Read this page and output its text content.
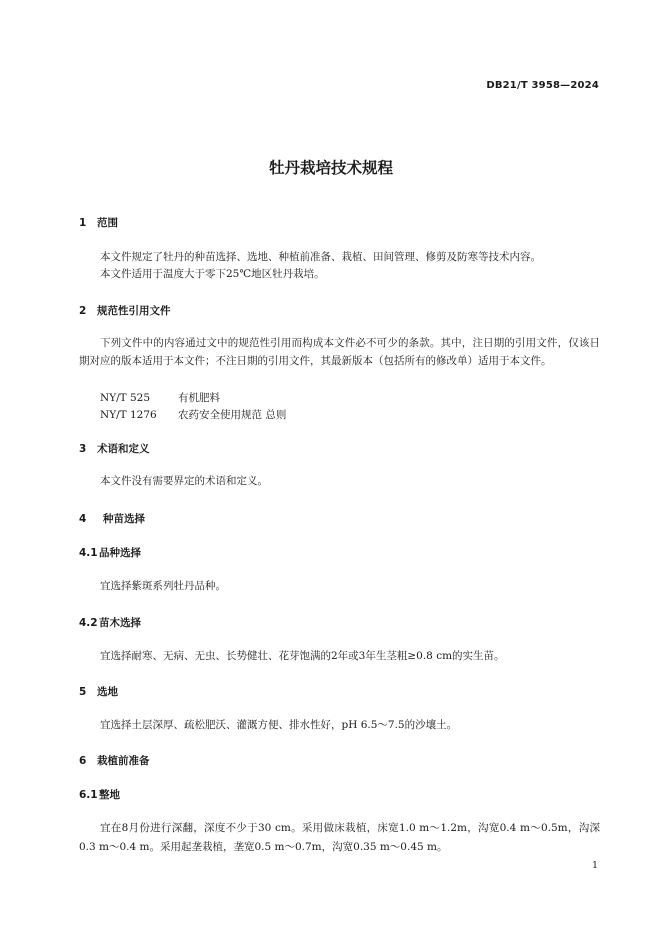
DB21/T 3958—2024
牡丹栽培技术规程
1 范围
本文件规定了牡丹的种苗选择、选地、种植前准备、栽植、田间管理、修剪及防寒等技术内容。
本文件适用于温度大于零下25℃地区牡丹栽培。
2 规范性引用文件
下列文件中的内容通过文中的规范性引用而构成本文件必不可少的条款。其中，注日期的引用文件，仅该日期对应的版本适用于本文件；不注日期的引用文件，其最新版本（包括所有的修改单）适用于本文件。
NY/T 525	有机肥料
NY/T 1276 农药安全使用规范 总则
3 术语和定义
本文件没有需要界定的术语和定义。
4 种苗选择
4.1品种选择
宜选择紫斑系列牡丹品种。
4.2苗木选择
宜选择耐寒、无病、无虫、长势健壮、花芽饱满的2年或3年生茎粗≥0.8 cm的实生苗。
5 选地
宜选择土层深厚、疏松肥沃、灌溉方便、排水性好，pH 6.5～7.5的沙壤土。
6 栽植前准备
6.1整地
宜在8月份进行深翻，深度不少于30 cm。采用做床栽植，床宽1.0 m～1.2m，沟宽0.4 m～0.5m，沟深0.3 m～0.4 m。采用起垄栽植，垄宽0.5 m～0.7m，沟宽0.35 m～0.45 m。
1
